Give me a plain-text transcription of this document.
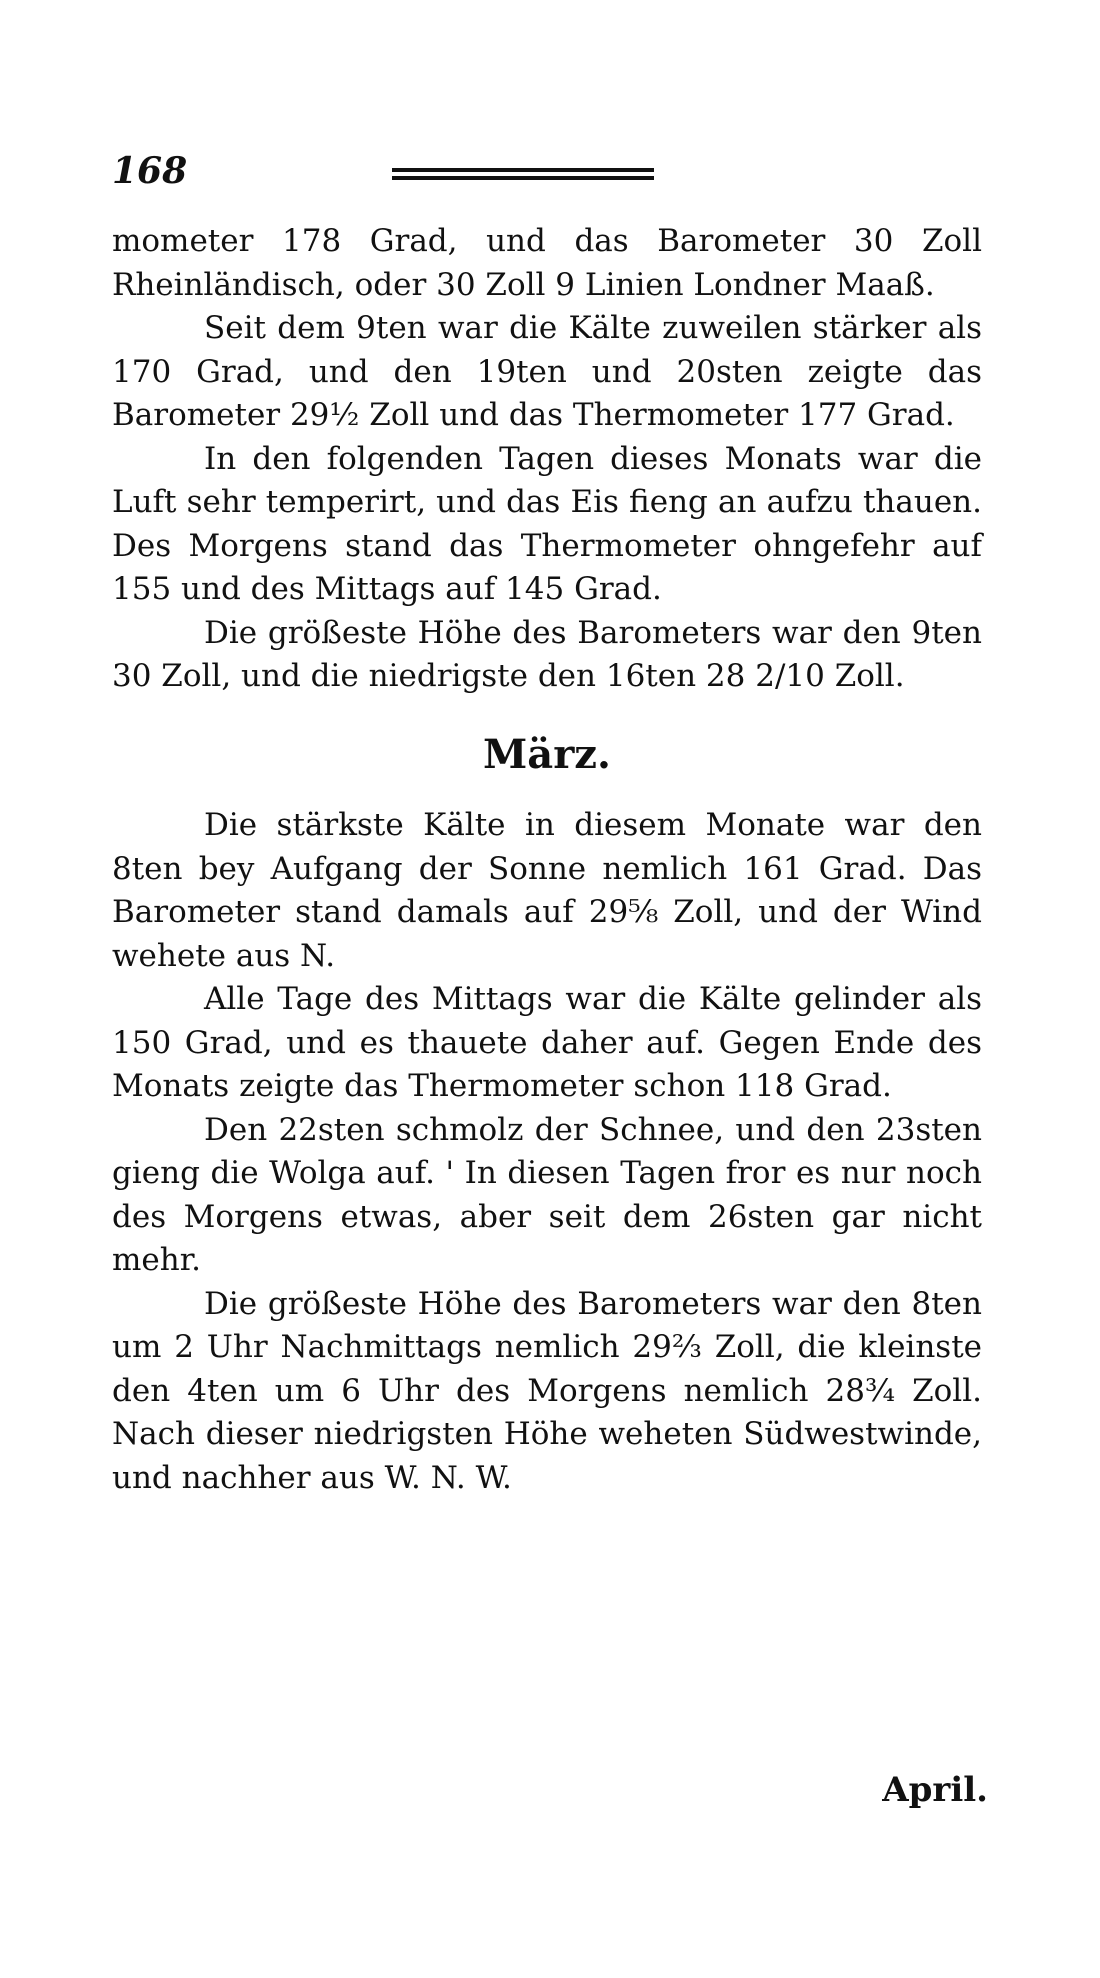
168

mometer 178 Grad, und das Barometer 30 Zoll Rheinländisch, oder 30 Zoll 9 Linien Londner Maaß.

Seit dem 9ten war die Kälte zuweilen stärker als 170 Grad, und den 19ten und 20sten zeigte das Barometer 29½ Zoll und das Thermometer 177 Grad.

In den folgenden Tagen dieses Monats war die Luft sehr temperirt, und das Eis fieng an aufzu thauen. Des Morgens stand das Thermometer ohngefehr auf 155 und des Mittags auf 145 Grad.

Die größeste Höhe des Barometers war den 9ten 30 Zoll, und die niedrigste den 16ten 28 2/10 Zoll.

März.

Die stärkste Kälte in diesem Monate war den 8ten bey Aufgang der Sonne nemlich 161 Grad. Das Barometer stand damals auf 29⅝ Zoll, und der Wind wehete aus N.

Alle Tage des Mittags war die Kälte gelinder als 150 Grad, und es thauete daher auf. Gegen Ende des Monats zeigte das Thermometer schon 118 Grad.

Den 22sten schmolz der Schnee, und den 23sten gieng die Wolga auf. ' In diesen Tagen fror es nur noch des Morgens etwas, aber seit dem 26sten gar nicht mehr.

Die größeste Höhe des Barometers war den 8ten um 2 Uhr Nachmittags nemlich 29⅔ Zoll, die kleinste den 4ten um 6 Uhr des Morgens nemlich 28¾ Zoll. Nach dieser niedrigsten Höhe weheten Südwestwinde, und nachher aus W. N. W.

April.
